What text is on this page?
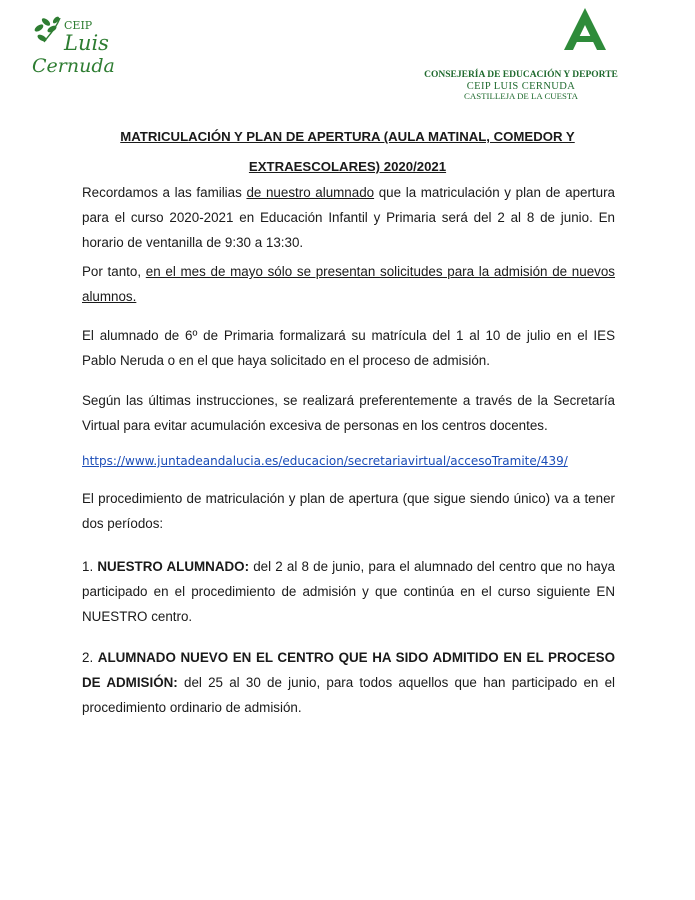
CEIP
Luis
Cernuda	CONSEJERÍA DE EDUCACIÓN Y DEPORTE
CEIP LUIS CERNUDA
CASTILLEJA DE LA CUESTA
MATRICULACIÓN Y PLAN DE APERTURA (AULA MATINAL, COMEDOR Y
EXTRAESCOLARES) 2020/2021

Recordamos a las familias de nuestro alumnado que la matriculación y plan de apertura para el curso 2020-2021 en Educación Infantil y Primaria será del 2 al 8 de junio. En horario de ventanilla de 9:30 a 13:30.

Por tanto, en el mes de mayo sólo se presentan solicitudes para la admisión de nuevos alumnos.

El alumnado de 6º de Primaria formalizará su matrícula del 1 al 10 de julio en el IES Pablo Neruda o en el que haya solicitado en el proceso de admisión.

Según las últimas instrucciones, se realizará preferentemente a través de la Secretaría Virtual para evitar acumulación excesiva de personas en los centros docentes.

https://www.juntadeandalucia.es/educacion/secretariavirtual/accesoTramite/439/

El procedimiento de matriculación y plan de apertura (que sigue siendo único) va a tener dos períodos:

1. NUESTRO ALUMNADO: del 2 al 8 de junio, para el alumnado del centro que no haya participado en el procedimiento de admisión y que continúa en el curso siguiente EN NUESTRO centro.

2. ALUMNADO NUEVO EN EL CENTRO QUE HA SIDO ADMITIDO EN EL PROCESO DE ADMISIÓN: del 25 al 30 de junio, para todos aquellos que han participado en el procedimiento ordinario de admisión.
